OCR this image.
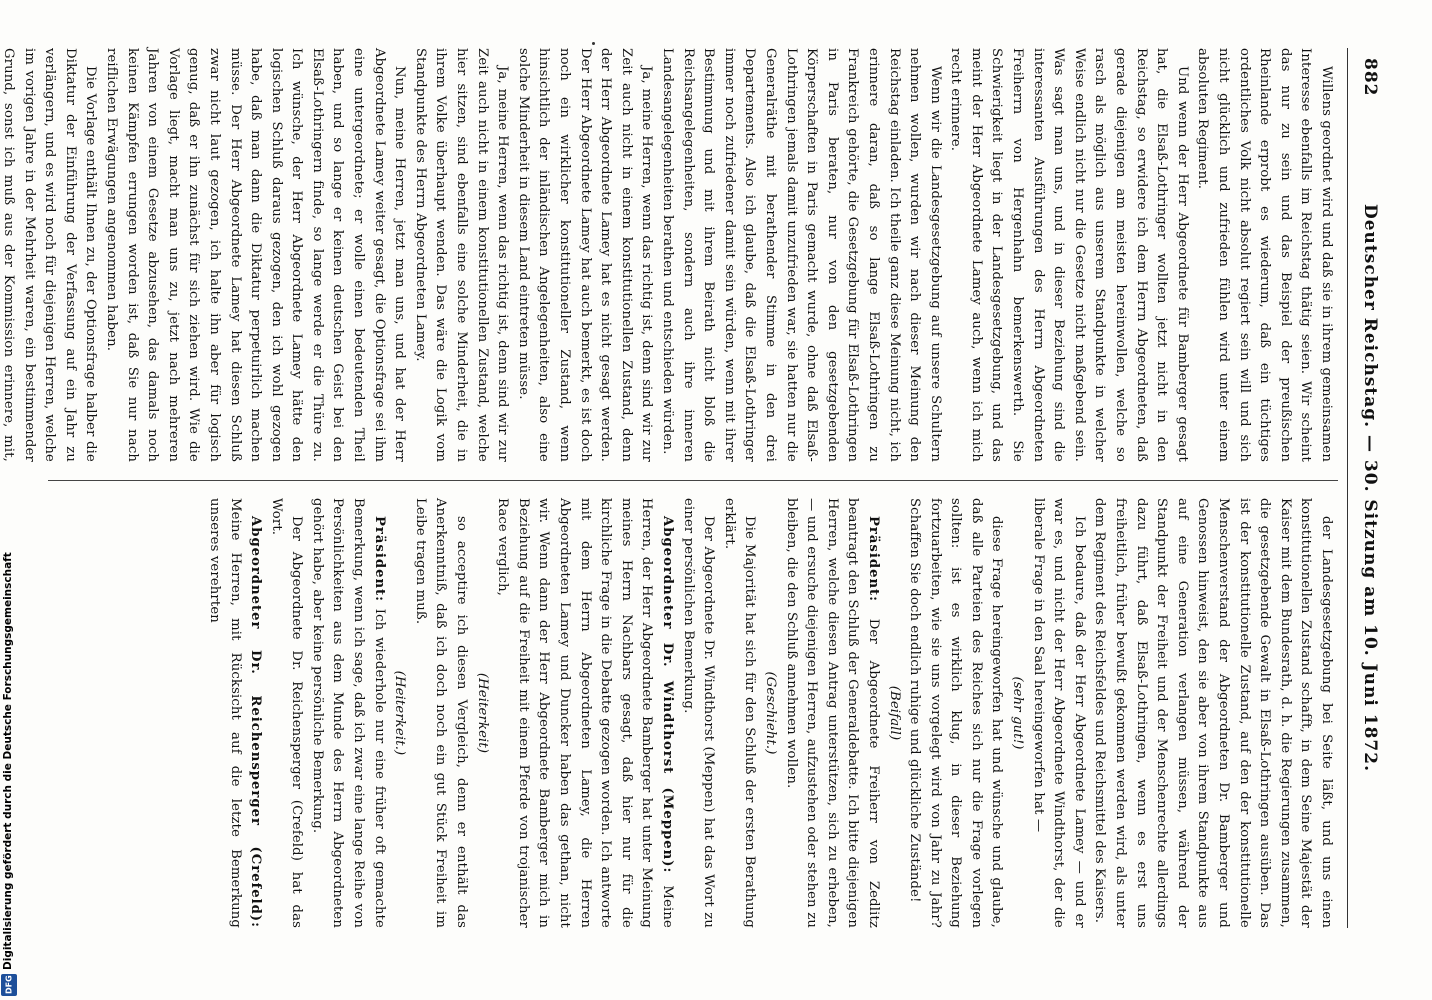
882
Deutscher Reichstag. — 30. Sitzung am 10. Juni 1872.

Willens geordnet wird und daß sie in ihrem gemeinsamen Interesse ebenfalls im Reichstag thätig seien. Wir scheint das nur zu sein und das Beispiel der preußischen Rheinlande erprobt es wiederum, daß ein tüchtiges ordentliches Volk nicht absolut regiert sein will und sich nicht glücklich und zufrieden fühlen wird unter einem absoluten Regiment.

Und wenn der Herr Abgeordnete für Bamberger gesagt hat, die Elsaß-Lothringer wollten jetzt nicht in den Reichstag, so erwidere ich dem Herrn Abgeordneten, daß gerade diejenigen am meisten hereinwollen, welche so rasch als möglich aus unserem Standpunkte in welcher Weise endlich nicht nur die Gesetze nicht maßgebend sein. Was sagt man uns, und in dieser Beziehung sind die interessanten Ausführungen des Herrn Abgeordneten Freiherrn von Hergenhahn bemerkenswerth. Sie Schwierigkeit liegt in der Landesgesetzgebung, und das meint der Herr Abgeordnete Lamey auch, wenn ich mich recht erinnere.

Wenn wir die Landesgesetzgebung auf unsere Schultern nehmen wollen, wurden wir nach dieser Meinung den Reichstag einladen. Ich theile ganz diese Meinung nicht, ich erinnere daran, daß so lange Elsaß-Lothringen zu Frankreich gehörte, die Gesetzgebung für Elsaß-Lothringen in Paris beraten, nur von den gesetzgebenden Körperschaften in Paris gemacht wurde, ohne daß Elsaß-Lothringen jemals damit unzufrieden war, sie hatten nur die Generalräthe mit berathender Stimme in den drei Departements. Also ich glaube, daß die Elsaß-Lothringer immer noch zufriedener damit sein würden, wenn mit ihrer Bestimmung und mit ihrem Beirath nicht bloß die Reichsangelegenheiten, sondern auch ihre inneren Landesangelegenheiten berathen und entschieden würden.

Ja, meine Herren, wenn das richtig ist, denn sind wir zur Zeit auch nicht in einem konstitutionellen Zustand, denn der Herr Abgeordnete Lamey hat es nicht gesagt werden. Der Herr Abgeordnete Lamey hat auch bemerkt, es ist doch noch ein wirklicher konstitutioneller Zustand, wenn hinsichtlich der inländischen Angelegenheiten, also eine solche Minderheit in diesem Land eintreten müsse.

Ja, meine Herren, wenn das richtig ist, denn sind wir zur Zeit auch nicht in einem konstitutionellen Zustand, welche hier sitzen, sind ebenfalls eine solche Minderheit, die in ihrem Volke überhaupt wenden. Das wäre die Logik vom Standpunkte des Herrn Abgeordneten Lamey.

Nun, meine Herren, jetzt man uns, und hat der Herr Abgeordnete Lamey weiter gesagt, die Optionsfrage sei ihm eine untergeordnete; er wolle einen bedeutenden Theil haben, und so lange er keinen deutschen Geist bei den Elsaß-Lothringern finde, so lange werde er die Thüre zu. Ich wünsche, der Herr Abgeordnete Lamey hätte den logischen Schluß daraus gezogen, den ich wohl gezogen habe, daß man dann die Diktatur perpetuirlich machen müsse. Der Herr Abgeordnete Lamey hat diesen Schluß zwar nicht laut gezogen, ich halte ihn aber für logisch genug, daß er ihn zunächst für sich ziehen wird. Wie die Vorlage liegt, macht man uns zu, jetzt nach mehreren Jahren von einem Gesetze abzusehen, das damals noch keinen Kämpfen errungen worden ist, daß Sie nur nach reiflichen Erwägungen angenommen haben.

Die Vorlage enthält Ihnen zu, der Optionsfrage halber die Diktatur der Einführung der Verfassung auf ein Jahr zu verlängern, und es wird noch für diejenigen Herren, welche im vorigen Jahre in der Mehrheit waren, ein bestimmender Grund, sonst ich muß aus der Kommission erinnere, mit,

der Landesgesetzgebung bei Seite läßt, und uns einen konstitutionellen Zustand schafft, in dem Seine Majestät der Kaiser mit dem Bundesrath, d. h. die Regierungen zusammen, die gesetzgebende Gewalt in Elsaß-Lothringen ausüben. Das ist der konstitutionelle Zustand, auf den der konstitutionelle Menschenverstand der Abgeordneten Dr. Bamberger und Genossen hinweist, den sie aber von ihrem Standpunkte aus auf eine Generation verlangen müssen, während der Standpunkt der Freiheit und der Menschenrechte allerdings dazu führt, daß Elsaß-Lothringen, wenn es erst uns freiheitlich, früher bewußt gekommen werden wird, als unter dem Regiment des Reichsfeldes und Reichsmittel des Kaisers.

Ich bedaure, daß der Herr Abgeordnete Lamey — und er war es, und nicht der Herr Abgeordnete Windthorst, der die liberale Frage in den Saal hereingeworfen hat —

(sehr gut!)

diese Frage hereingeworfen hat und wünsche und glaube, daß alle Parteien des Reiches sich nur die Frage vorlegen sollten: ist es wirklich klug, in dieser Beziehung fortzuarbeiten, wie sie uns vorgelegt wird von Jahr zu Jahr? Schaffen Sie doch endlich ruhige und glückliche Zustände!

(Beifall)

Präsident: Der Abgeordnete Freiherr von Zedlitz beantragt den Schluß der Generaldebatte. Ich bitte diejenigen Herren, welche diesen Antrag unterstützen, sich zu erheben, — und ersuche diejenigen Herren, aufzustehen oder stehen zu bleiben, die den Schluß annehmen wollen.

(Geschieht.)

Die Majorität hat sich für den Schluß der ersten Berathung erklärt.

Der Abgeordnete Dr. Windthorst (Meppen) hat das Wort zu einer persönlichen Bemerkung.

Abgeordneter Dr. Windthorst (Meppen): Meine Herren, der Herr Abgeordnete Bamberger hat unter Meinung meines Herrn Nachbars gesagt, daß hier nur für die kirchliche Frage in die Debatte gezogen worden. Ich antworte mit dem Herrn Abgeordneten Lamey, die Herren Abgeordneten Lamey und Duncker haben das gethan, nicht wir. Wenn dann der Herr Abgeordnete Bamberger mich in Beziehung auf die Freiheit mit einem Pferde von trojanischer Race verglich,

(Heiterkeit)

so acceptire ich diesen Vergleich, denn er enthält das Anerkenntniß, daß ich doch noch ein gut Stück Freiheit im Leibe tragen muß.

(Heiterkeit.)

Präsident: Ich wiederhole nur eine früher oft gemachte Bemerkung, wenn ich sage, daß ich zwar eine lange Reihe von Persönlichkeiten aus dem Munde des Herrn Abgeordneten gehört habe, aber keine persönliche Bemerkung.

Der Abgeordnete Dr. Reichensperger (Crefeld) hat das Wort.

Abgeordneter Dr. Reichensperger (Crefeld): Meine Herren, mit Rücksicht auf die letzte Bemerkung unseres verehrten

Digitalisierung gefördert durch die Deutsche Forschungsgemeinschaft
DFG
